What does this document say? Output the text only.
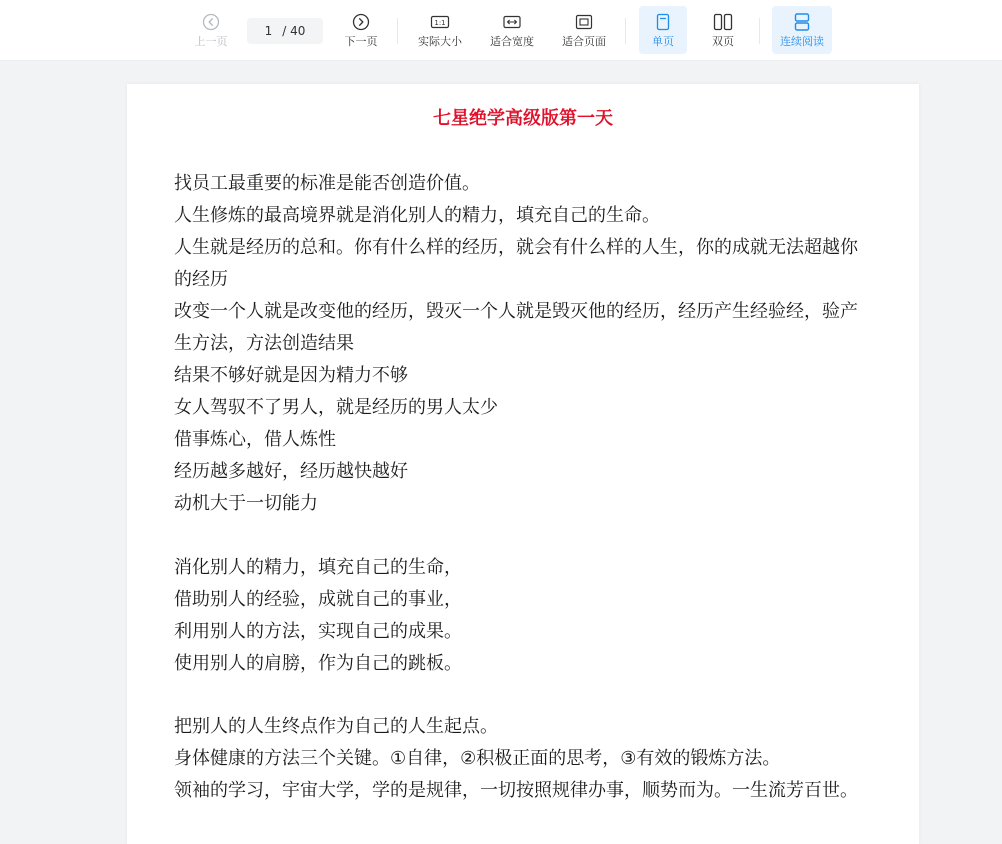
上一页
1 / 40
下一页
1:1
实际大小	适合宽度	适合页面	单页	双页	连续阅读
七星绝学高级版第一天
找员工最重要的标准是能否创造价值。
人生修炼的最高境界就是消化别人的精力，填充自己的生命。
人生就是经历的总和。你有什么样的经历，就会有什么样的人生，你的成就无法超越你
的经历
改变一个人就是改变他的经历，毁灭一个人就是毁灭他的经历，经历产生经验经，验产
生方法，方法创造结果
结果不够好就是因为精力不够
女人驾驭不了男人，就是经历的男人太少
借事炼心，借人炼性
经历越多越好，经历越快越好
动机大于一切能力
消化别人的精力，填充自己的生命，
借助别人的经验，成就自己的事业，
利用别人的方法，实现自己的成果。
使用别人的肩膀，作为自己的跳板。
把别人的人生终点作为自己的人生起点。
身体健康的方法三个关键。①自律，②积极正面的思考，③有效的锻炼方法。
领袖的学习，宇宙大学，学的是规律，一切按照规律办事，顺势而为。一生流芳百世。
